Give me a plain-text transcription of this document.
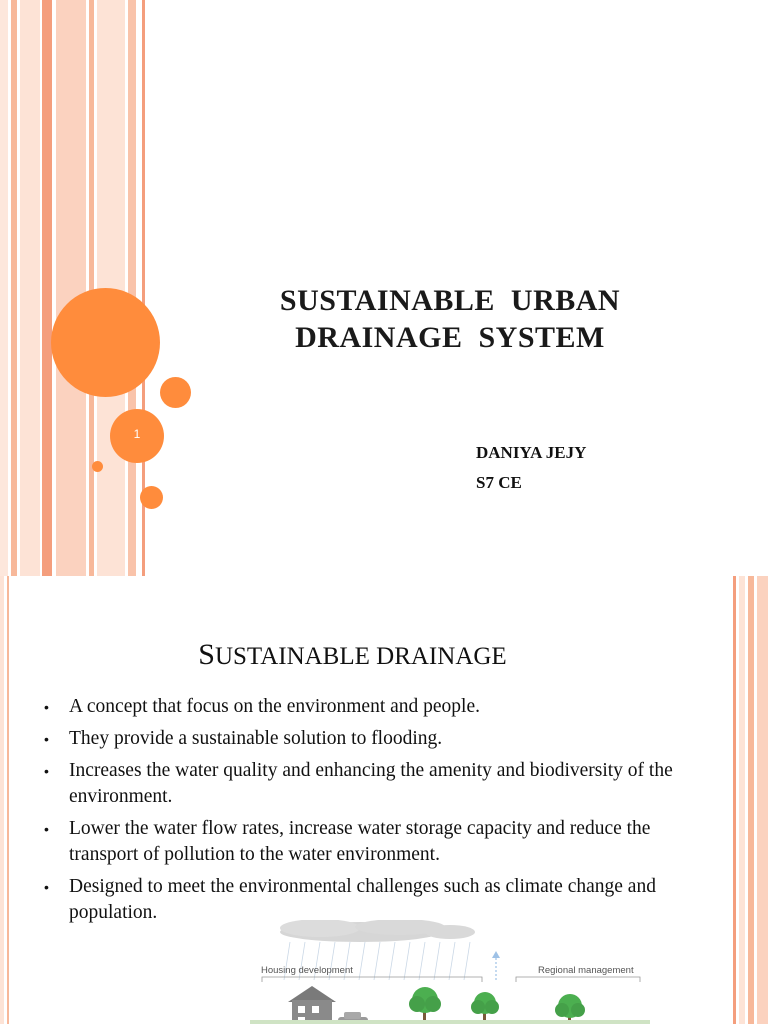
1
SUSTAINABLE  URBAN
DRAINAGE  SYSTEM
DANIYA JEJY
S7 CE
SUSTAINABLE DRAINAGE
• A concept that focus on the environment and people.
• They provide a sustainable solution to flooding.
• Increases the water quality and enhancing the amenity and biodiversity of the environment.
• Lower the water flow rates, increase water storage capacity and reduce the transport of pollution to the water environment.
• Designed to meet the environmental challenges such as climate change and population.
Housing development	Regional management
